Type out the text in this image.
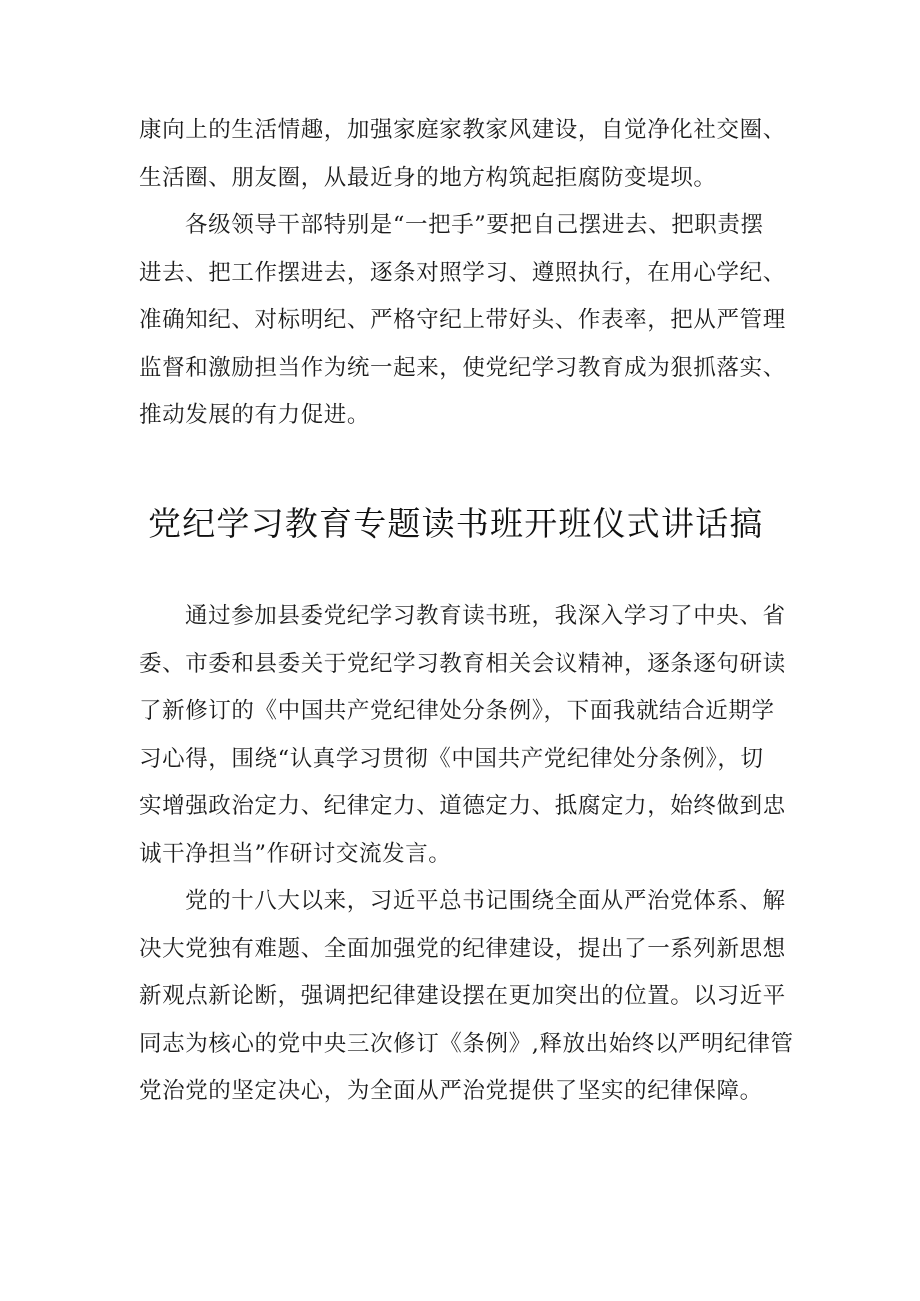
康向上的生活情趣，加强家庭家教家风建设，自觉净化社交圈、
生活圈、朋友圈，从最近身的地方构筑起拒腐防变堤坝。
各级领导干部特别是“一把手”要把自己摆进去、把职责摆
进去、把工作摆进去，逐条对照学习、遵照执行，在用心学纪、
准确知纪、对标明纪、严格守纪上带好头、作表率，把从严管理
监督和激励担当作为统一起来，使党纪学习教育成为狠抓落实、
推动发展的有力促进。
党纪学习教育专题读书班开班仪式讲话搞
通过参加县委党纪学习教育读书班，我深入学习了中央、省
委、市委和县委关于党纪学习教育相关会议精神，逐条逐句研读
了新修订的《中国共产党纪律处分条例》，下面我就结合近期学
习心得，围绕“认真学习贯彻《中国共产党纪律处分条例》，切
实增强政治定力、纪律定力、道德定力、抵腐定力，始终做到忠
诚干净担当”作研讨交流发言。
党的十八大以来，习近平总书记围绕全面从严治党体系、解
决大党独有难题、全面加强党的纪律建设，提出了一系列新思想
新观点新论断，强调把纪律建设摆在更加突出的位置。以习近平
同志为核心的党中央三次修订《条例》,释放出始终以严明纪律管
党治党的坚定决心，为全面从严治党提供了坚实的纪律保障。
